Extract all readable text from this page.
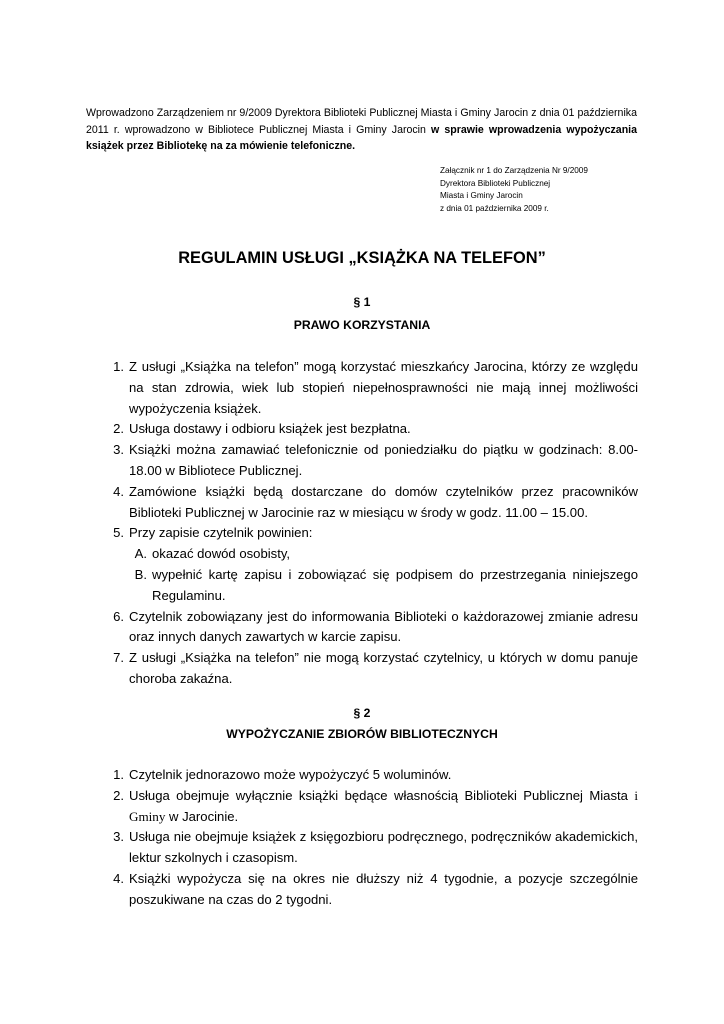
Wprowadzono Zarządzeniem nr 9/2009 Dyrektora Biblioteki Publicznej Miasta i Gminy Jarocin z dnia 01 października 2011 r. wprowadzono w Bibliotece Publicznej Miasta i Gminy Jarocin w sprawie wprowadzenia wypożyczania książek przez Bibliotekę na za mówienie telefoniczne.
Załącznik nr 1 do Zarządzenia Nr 9/2009
Dyrektora Biblioteki Publicznej
Miasta i Gminy Jarocin
z dnia 01 października 2009 r.
REGULAMIN USŁUGI „KSIĄŻKA NA TELEFON”
§ 1
PRAWO KORZYSTANIA
1. Z usługi „Książka na telefon” mogą korzystać mieszkańcy Jarocina, którzy ze względu na stan zdrowia, wiek lub stopień niepełnosprawności nie mają innej możliwości wypożyczenia książek.
2. Usługa dostawy i odbioru książek jest bezpłatna.
3. Książki można zamawiać telefonicznie od poniedziałku do piątku w godzinach: 8.00-18.00 w Bibliotece Publicznej.
4. Zamówione książki będą dostarczane do domów czytelników przez pracowników Biblioteki Publicznej w Jarocinie raz w miesiącu w środy w godz. 11.00 – 15.00.
5. Przy zapisie czytelnik powinien:
A. okazać dowód osobisty,
B. wypełnić kartę zapisu i zobowiązać się podpisem do przestrzegania niniejszego Regulaminu.
6. Czytelnik zobowiązany jest do informowania Biblioteki o każdorazowej zmianie adresu oraz innych danych zawartych w karcie zapisu.
7. Z usługi „Książka na telefon” nie mogą korzystać czytelnicy, u których w domu panuje choroba zakaźna.
§ 2
WYPOŻYCZANIE ZBIORÓW BIBLIOTECZNYCH
1. Czytelnik jednorazowo może wypożyczyć 5 woluminów.
2. Usługa obejmuje wyłącznie książki będące własnością Biblioteki Publicznej Miasta i Gminy w Jarocinie.
3. Usługa nie obejmuje książek z księgozbioru podręcznego, podręczników akademickich, lektur szkolnych i czasopism.
4. Książki wypożycza się na okres nie dłuższy niż 4 tygodnie, a pozycje szczególnie poszukiwane na czas do 2 tygodni.
